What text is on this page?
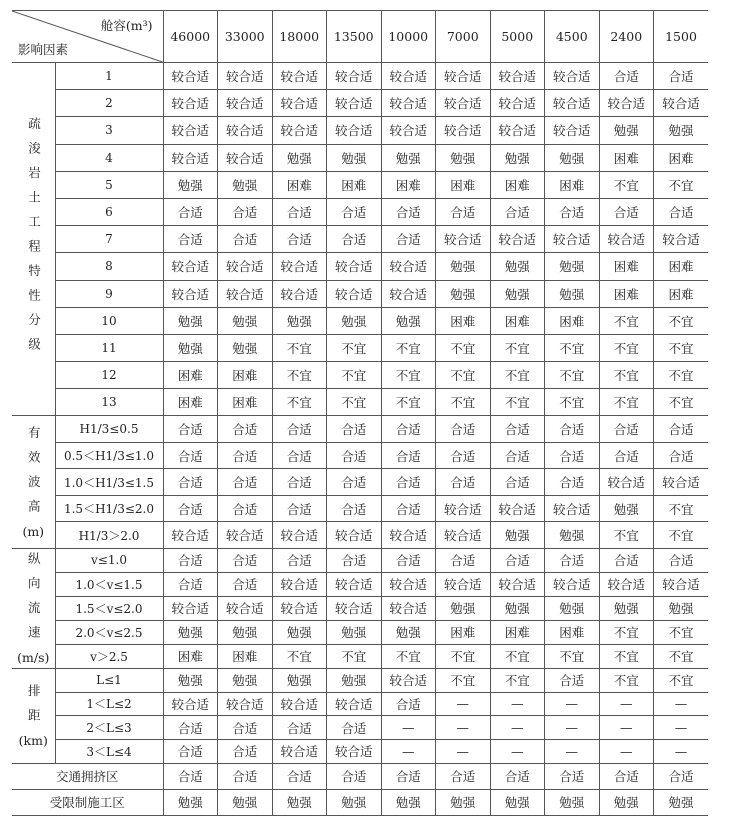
舱容(m³)
影响因素		46000	33000	18000	13500	10000	7000	5000	4500	2400	1500

疏浚岩土工程特性分级	1	较合适	较合适	较合适	较合适	较合适	较合适	较合适	较合适	合适	合适
	2	较合适	较合适	较合适	较合适	较合适	较合适	较合适	较合适	较合适	较合适
	3	较合适	较合适	较合适	较合适	较合适	较合适	较合适	较合适	勉强	勉强
	4	较合适	较合适	勉强	勉强	勉强	勉强	勉强	勉强	困难	困难
	5	勉强	勉强	困难	困难	困难	困难	困难	困难	不宜	不宜
	6	合适	合适	合适	合适	合适	合适	合适	合适	合适	合适
	7	合适	合适	合适	合适	合适	较合适	较合适	较合适	较合适	较合适
	8	较合适	较合适	较合适	较合适	较合适	勉强	勉强	勉强	困难	困难
	9	较合适	较合适	较合适	较合适	较合适	勉强	勉强	勉强	困难	困难
	10	勉强	勉强	勉强	勉强	勉强	困难	困难	困难	不宜	不宜
	11	勉强	勉强	不宜	不宜	不宜	不宜	不宜	不宜	不宜	不宜
	12	困难	困难	不宜	不宜	不宜	不宜	不宜	不宜	不宜	不宜
	13	困难	困难	不宜	不宜	不宜	不宜	不宜	不宜	不宜	不宜

有效波高
(m)	H1/3≤0.5	合适	合适	合适	合适	合适	合适	合适	合适	合适	合适
	0.5＜H1/3≤1.0	合适	合适	合适	合适	合适	合适	合适	合适	合适	合适
	1.0＜H1/3≤1.5	合适	合适	合适	合适	合适	合适	合适	合适	较合适	较合适
	1.5＜H1/3≤2.0	合适	合适	合适	合适	合适	较合适	较合适	较合适	勉强	不宜
	H1/3＞2.0	较合适	较合适	较合适	较合适	较合适	较合适	勉强	勉强	不宜	不宜

纵向流速
(m/s)	v≤1.0	合适	合适	合适	合适	合适	合适	合适	合适	合适	合适
	1.0＜v≤1.5	合适	合适	较合适	较合适	较合适	较合适	较合适	较合适	较合适	较合适
	1.5＜v≤2.0	较合适	较合适	较合适	较合适	较合适	勉强	勉强	勉强	勉强	勉强
	2.0＜v≤2.5	勉强	勉强	勉强	勉强	勉强	困难	困难	困难	不宜	不宜
	v＞2.5	困难	困难	不宜	不宜	不宜	不宜	不宜	不宜	不宜	不宜

排距
(km)	L≤1	勉强	勉强	勉强	勉强	较合适	不宜	不宜	合适	不宜	不宜
	1＜L≤2	较合适	较合适	较合适	较合适	合适	—	—	—	—	—
	2＜L≤3	合适	合适	合适	合适	—	—	—	—	—	—
	3＜L≤4	合适	合适	较合适	较合适	—	—	—	—	—	—
交通拥挤区		合适	合适	合适	合适	合适	合适	合适	合适	合适	合适
受限制施工区		勉强	勉强	勉强	勉强	勉强	勉强	勉强	勉强	勉强	勉强
